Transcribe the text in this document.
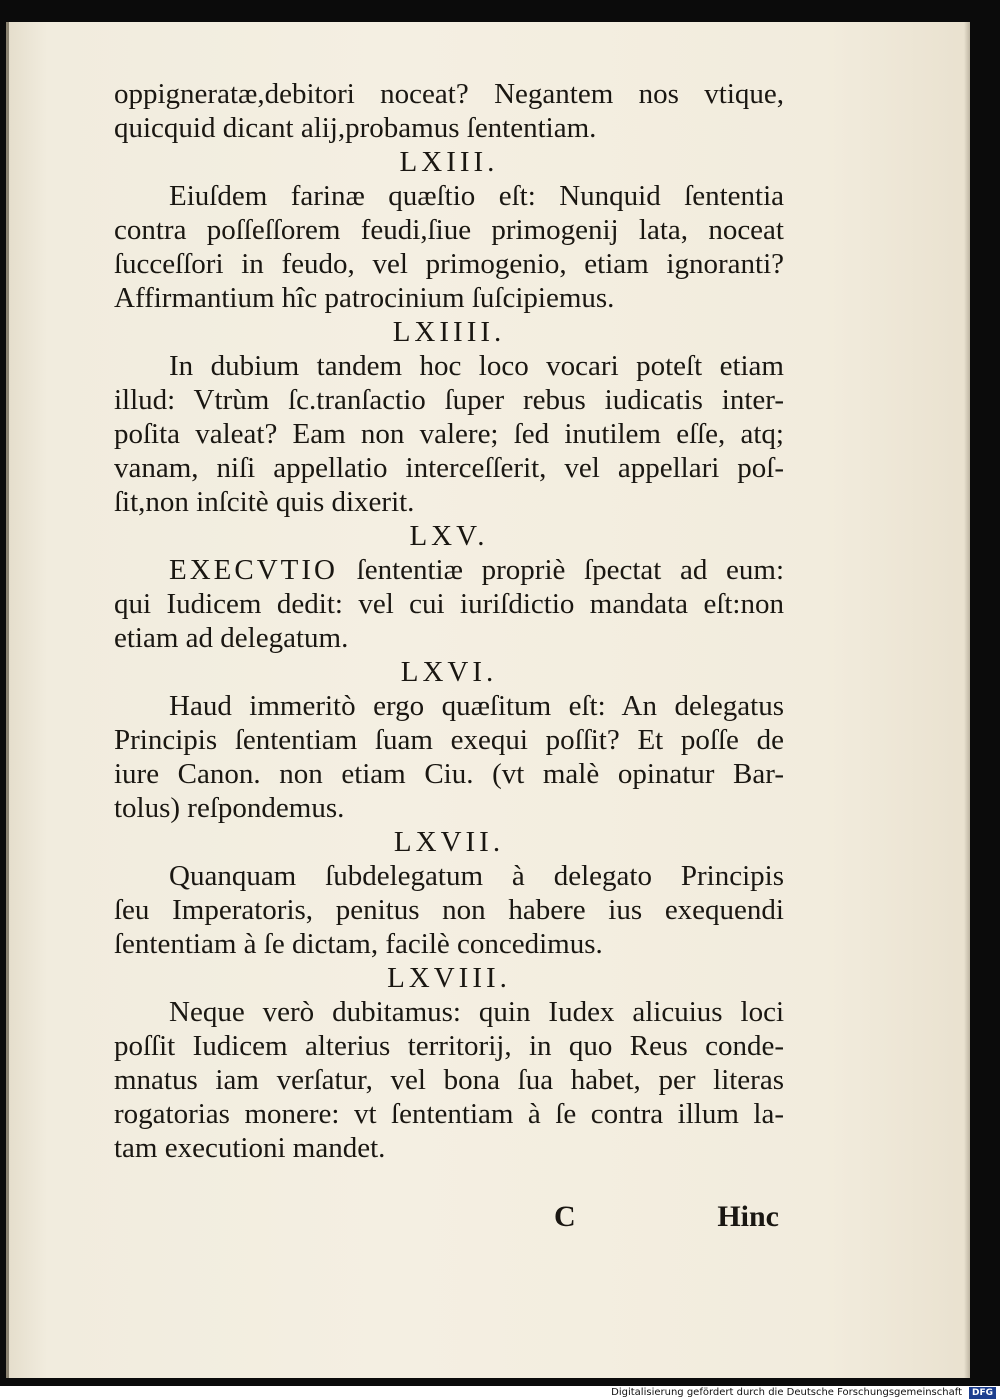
oppigneratæ,debitori noceat? Negantem nos vtique,
quicquid dicant alij,probamus ſententiam.
LXIII.
Eiuſdem farinæ quæſtio eſt: Nunquid ſententia
contra poſſeſſorem feudi,ſiue primogenij lata, noceat
ſucceſſori in feudo, vel primogenio, etiam ignoranti?
Affirmantium hîc patrocinium ſuſcipiemus.
LXIIII.
In dubium tandem hoc loco vocari poteſt etiam
illud: Vtrùm ſc.tranſactio ſuper rebus iudicatis inter-
poſita valeat? Eam non valere; ſed inutilem eſſe, atq;
vanam, niſi appellatio interceſſerit, vel appellari poſ-
ſit,non inſcitè quis dixerit.
LXV.
EXECVTIO ſententiæ propriè ſpectat ad eum:
qui Iudicem dedit: vel cui iuriſdictio mandata eſt:non
etiam ad delegatum.
LXVI.
Haud immeritò ergo quæſitum eſt: An delegatus
Principis ſententiam ſuam exequi poſſit? Et poſſe de
iure Canon. non etiam Ciu. (vt malè opinatur Bar-
tolus) reſpondemus.
LXVII.
Quanquam ſubdelegatum à delegato Principis
ſeu Imperatoris, penitus non habere ius exequendi
ſententiam à ſe dictam, facilè concedimus.
LXVIII.
Neque verò dubitamus: quin Iudex alicuius loci
poſſit Iudicem alterius territorij, in quo Reus conde-
mnatus iam verſatur, vel bona ſua habet, per literas
rogatorias monere: vt ſententiam à ſe contra illum la-
tam executioni mandet.
C	Hinc
Digitalisierung gefördert durch die Deutsche Forschungsgemeinschaft	DFG
